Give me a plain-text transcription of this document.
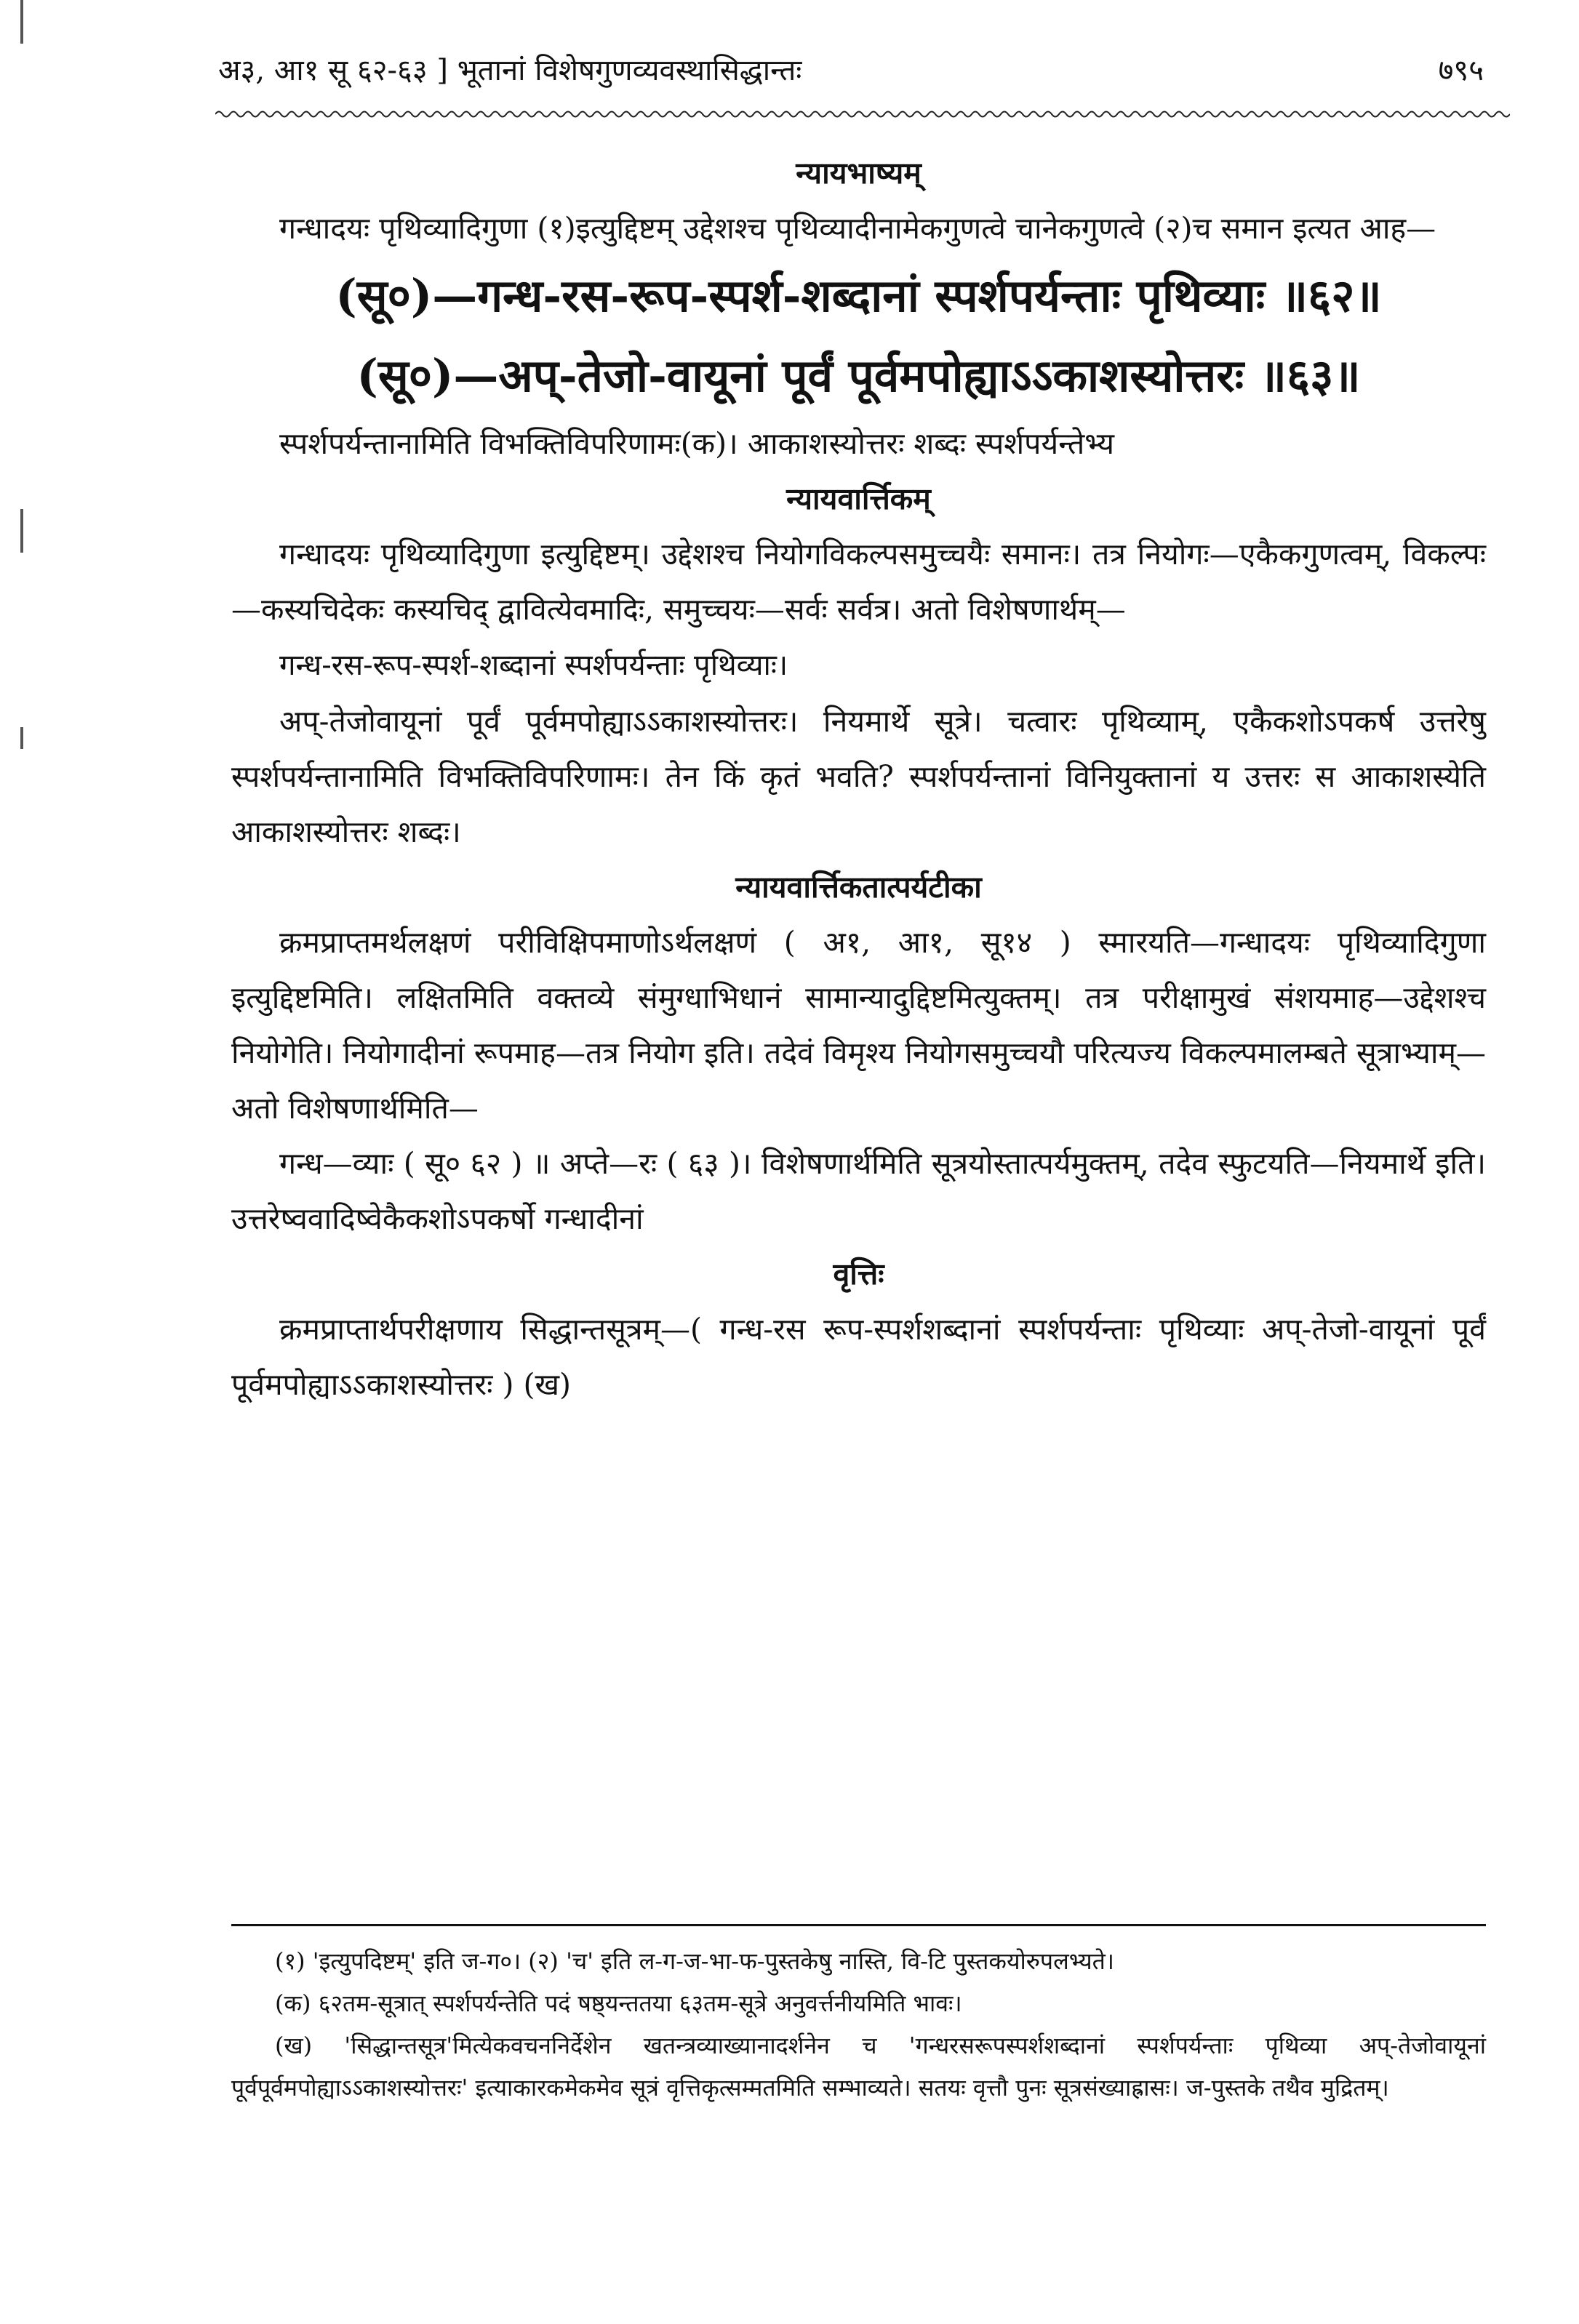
अ३, आ१ सू ६२-६३ ] भूतानां विशेषगुणव्यवस्थासिद्धान्तः	७९५
न्यायभाष्यम्

गन्धादयः पृथिव्यादिगुणा (१)इत्युद्दिष्टम् उद्देशश्च पृथिव्यादीनामेकगुणत्वे चानेकगुणत्वे (२)च समान इत्यत आह—

(सू०)—गन्ध-रस-रूप-स्पर्श-शब्दानां स्पर्शपर्यन्ताः पृथिव्याः ॥६२॥

(सू०)—अप्-तेजो-वायूनां पूर्वं पूर्वमपोह्याऽऽकाशस्योत्तरः ॥६३॥

स्पर्शपर्यन्तानामिति विभक्तिविपरिणामः(क)। आकाशस्योत्तरः शब्दः स्पर्शपर्यन्तेभ्य

न्यायवार्त्तिकम्

गन्धादयः पृथिव्यादिगुणा इत्युद्दिष्टम्। उद्देशश्च नियोगविकल्पसमुच्चयैः समानः। तत्र नियोगः—एकैकगुणत्वम्, विकल्पः—कस्यचिदेकः कस्यचिद् द्वावित्येवमादिः, समुच्चयः—सर्वः सर्वत्र। अतो विशेषणार्थम्—

गन्ध-रस-रूप-स्पर्श-शब्दानां स्पर्शपर्यन्ताः पृथिव्याः।

अप्-तेजोवायूनां पूर्वं पूर्वमपोह्याऽऽकाशस्योत्तरः। नियमार्थे सूत्रे। चत्वारः पृथिव्याम्, एकैकशोऽपकर्ष उत्तरेषु स्पर्शपर्यन्तानामिति विभक्तिविपरिणामः। तेन किं कृतं भवति? स्पर्शपर्यन्तानां विनियुक्तानां य उत्तरः स आकाशस्येति आकाशस्योत्तरः शब्दः।

न्यायवार्त्तिकतात्पर्यटीका

क्रमप्राप्तमर्थलक्षणं परीविक्षिपमाणोऽर्थलक्षणं ( अ१, आ१, सू१४ ) स्मारयति—गन्धादयः पृथिव्यादिगुणा इत्युद्दिष्टमिति। लक्षितमिति वक्तव्ये संमुग्धाभिधानं सामान्यादुद्दिष्टमित्युक्तम्। तत्र परीक्षामुखं संशयमाह—उद्देशश्च नियोगेति। नियोगादीनां रूपमाह—तत्र नियोग इति। तदेवं विमृश्य नियोगसमुच्चयौ परित्यज्य विकल्पमालम्बते सूत्राभ्याम्—अतो विशेषणार्थमिति—

गन्ध—व्याः ( सू० ६२ ) ॥ अप्ते—रः ( ६३ )। विशेषणार्थमिति सूत्रयोस्तात्पर्यमुक्तम्, तदेव स्फुटयति—नियमार्थे इति। उत्तरेष्ववादिष्वेकैकशोऽपकर्षो गन्धादीनां

वृत्तिः

क्रमप्राप्तार्थपरीक्षणाय सिद्धान्तसूत्रम्—( गन्ध-रस रूप-स्पर्शशब्दानां स्पर्शपर्यन्ताः पृथिव्याः अप्-तेजो-वायूनां पूर्वं पूर्वमपोह्याऽऽकाशस्योत्तरः ) (ख)

(१) 'इत्युपदिष्टम्' इति ज-ग०। (२) 'च' इति ल-ग-ज-भा-फ-पुस्तकेषु नास्ति, वि-टि पुस्तकयोरुपलभ्यते।

(क) ६२तम-सूत्रात् स्पर्शपर्यन्तेति पदं षष्ठ्यन्ततया ६३तम-सूत्रे अनुवर्त्तनीयमिति भावः।

(ख) 'सिद्धान्तसूत्र'मित्येकवचननिर्देशेन खतन्त्रव्याख्यानादर्शनेन च 'गन्धरसरूपस्पर्शशब्दानां स्पर्शपर्यन्ताः पृथिव्या अप्-तेजोवायूनां पूर्वपूर्वमपोह्याऽऽकाशस्योत्तरः' इत्याकारकमेकमेव सूत्रं वृत्तिकृत्सम्मतमिति सम्भाव्यते। सतयः वृत्तौ पुनः सूत्रसंख्याह्रासः। ज-पुस्तके तथैव मुद्रितम्।
